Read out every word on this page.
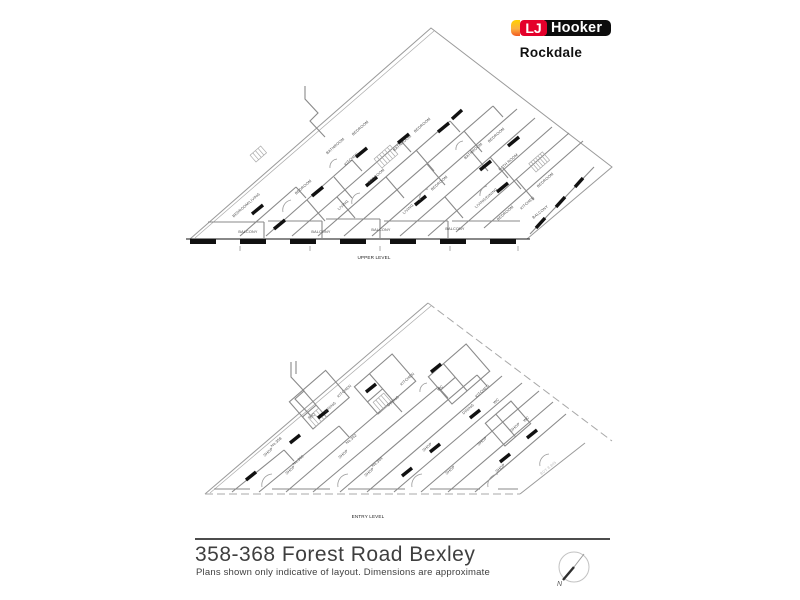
LJ Hooker
Rockdale
BEDROOM/LIVING
BEDROOM
BEDROOM
BATHROOM
KITCHEN
LIVING
BEDROOM
BEDROOM
BATHROOM	BEDROOM
BATHROOM
BATH ROOM
BEDROOM
LIVING/DINING	KITCHEN
BEDROOM
BEDROOM
LIVING
BALCONY	BALCONY	BALCONY	BALCONY
BALCONY
UPPER LEVEL
KITCHEN
DINING
WC
KITCHEN
DINING
WC	KITCHEN
DINING
WC
WC
SHOP
No.358
SHOP
No.360
SHOP
No.362
SHOP
No.364
SHOP
SHOP
SHOP
SHOP
SHOP	BDY 8.805
ENTRY LEVEL
358-368 Forest Road Bexley
Plans shown only indicative of layout. Dimensions are approximate
N
